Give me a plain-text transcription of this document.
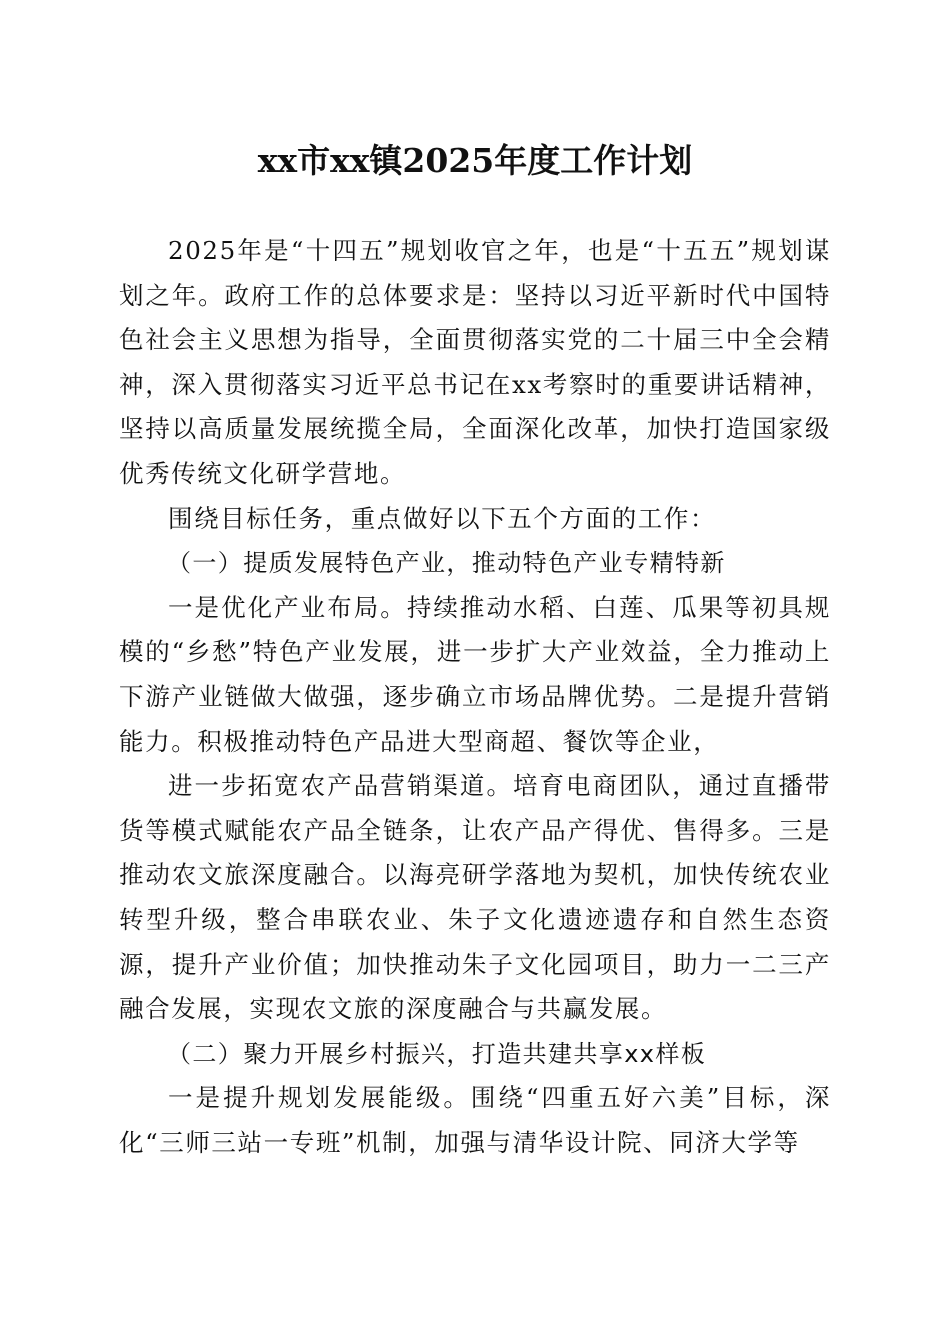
xx市xx镇2025年度工作计划

2025年是“十四五”规划收官之年，也是“十五五”规划谋划之年。政府工作的总体要求是：坚持以习近平新时代中国特色社会主义思想为指导，全面贯彻落实党的二十届三中全会精神，深入贯彻落实习近平总书记在xx考察时的重要讲话精神，坚持以高质量发展统揽全局，全面深化改革，加快打造国家级优秀传统文化研学营地。

围绕目标任务，重点做好以下五个方面的工作：

（一）提质发展特色产业，推动特色产业专精特新

一是优化产业布局。持续推动水稻、白莲、瓜果等初具规模的“乡愁”特色产业发展，进一步扩大产业效益，全力推动上下游产业链做大做强，逐步确立市场品牌优势。二是提升营销能力。积极推动特色产品进大型商超、餐饮等企业，

进一步拓宽农产品营销渠道。培育电商团队，通过直播带货等模式赋能农产品全链条，让农产品产得优、售得多。三是推动农文旅深度融合。以海亮研学落地为契机，加快传统农业转型升级，整合串联农业、朱子文化遗迹遗存和自然生态资源，提升产业价值；加快推动朱子文化园项目，助力一二三产融合发展，实现农文旅的深度融合与共赢发展。

（二）聚力开展乡村振兴，打造共建共享xx样板

一是提升规划发展能级。围绕“四重五好六美”目标，深化“三师三站一专班”机制，加强与清华设计院、同济大学等
